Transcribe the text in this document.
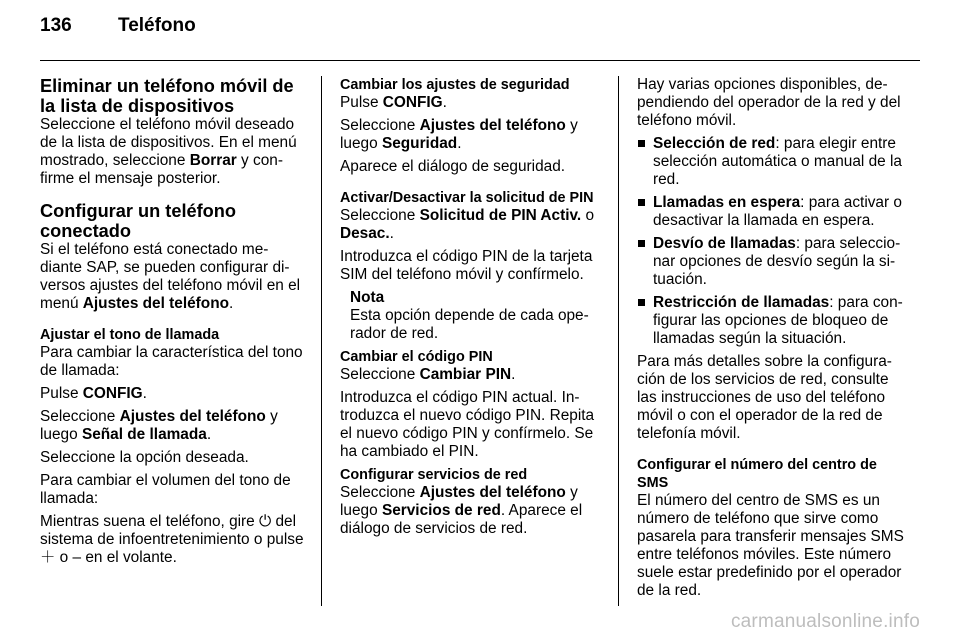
136 Teléfono
Eliminar un teléfono móvil de la lista de dispositivos

Seleccione el teléfono móvil deseado de la lista de dispositivos. En el menú mostrado, seleccione Borrar y con-firme el mensaje posterior.

Configurar un teléfono conectado

Si el teléfono está conectado me-diante SAP, se pueden configurar di-versos ajustes del teléfono móvil en el menú Ajustes del teléfono.

Ajustar el tono de llamada

Para cambiar la característica del tono de llamada:

Pulse CONFIG.

Seleccione Ajustes del teléfono y luego Señal de llamada.

Seleccione la opción deseada.

Para cambiar el volumen del tono de llamada:

Mientras suena el teléfono, gire ⏻ del sistema de infoentretenimiento o pulse ＋ o – en el volante.

Cambiar los ajustes de seguridad

Pulse CONFIG.

Seleccione Ajustes del teléfono y luego Seguridad.

Aparece el diálogo de seguridad.

Activar/Desactivar la solicitud de PIN

Seleccione Solicitud de PIN Activ. o Desac..

Introduzca el código PIN de la tarjeta SIM del teléfono móvil y confírmelo.

Nota
Esta opción depende de cada ope-rador de red.
Cambiar el código PIN

Seleccione Cambiar PIN.

Introduzca el código PIN actual. In-troduzca el nuevo código PIN. Repita el nuevo código PIN y confírmelo. Se ha cambiado el PIN.

Configurar servicios de red

Seleccione Ajustes del teléfono y luego Servicios de red. Aparece el diálogo de servicios de red.

Hay varias opciones disponibles, de-pendiendo del operador de la red y del teléfono móvil.

Selección de red: para elegir entre selección automática o manual de la red.
Llamadas en espera: para activar o desactivar la llamada en espera.
Desvío de llamadas: para seleccio-nar opciones de desvío según la si-tuación.
Restricción de llamadas: para con-figurar las opciones de bloqueo de llamadas según la situación.

Para más detalles sobre la configura-ción de los servicios de red, consulte las instrucciones de uso del teléfono móvil o con el operador de la red de telefonía móvil.

Configurar el número del centro de SMS

El número del centro de SMS es un número de teléfono que sirve como pasarela para transferir mensajes SMS entre teléfonos móviles. Este número suele estar predefinido por el operador de la red.

carmanualsonline.info
